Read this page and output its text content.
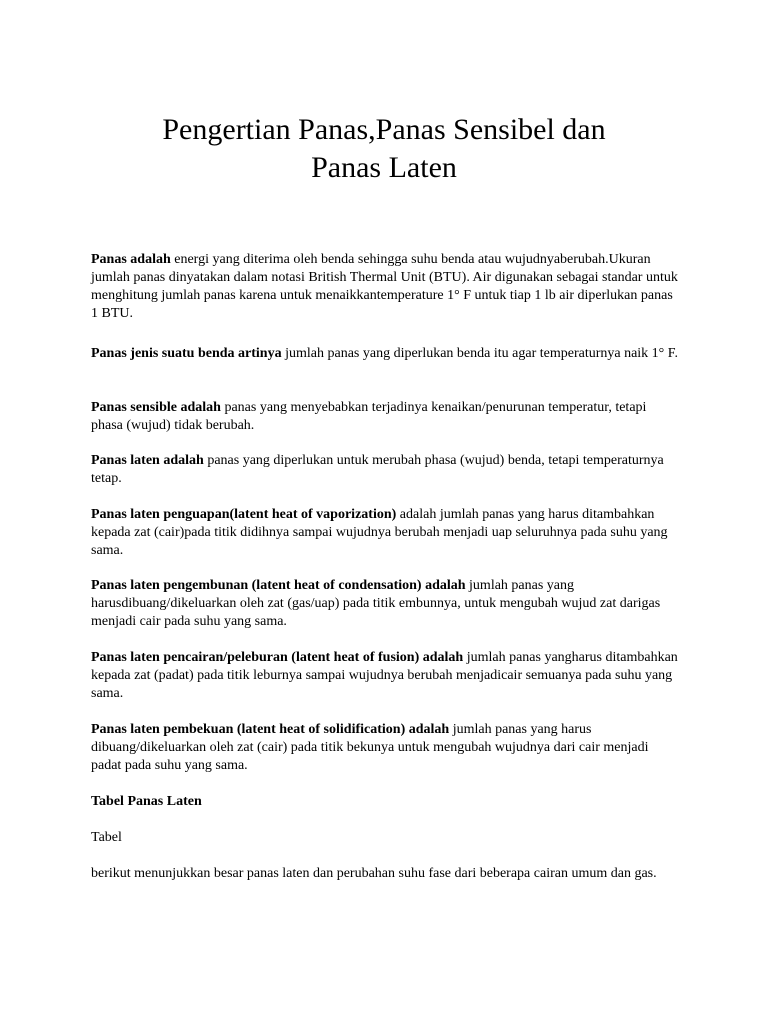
Pengertian Panas,Panas Sensibel dan
Panas Laten

Panas adalah energi yang diterima oleh benda sehingga suhu benda atau wujudnyaberubah.Ukuran jumlah panas dinyatakan dalam notasi British Thermal Unit (BTU). Air digunakan sebagai standar untuk menghitung jumlah panas karena untuk menaikkantemperature 1° F untuk tiap 1 lb air diperlukan panas 1 BTU.

Panas jenis suatu benda artinya jumlah panas yang diperlukan benda itu agar temperaturnya naik 1° F.

Panas sensible adalah panas yang menyebabkan terjadinya kenaikan/penurunan temperatur, tetapi phasa (wujud) tidak berubah.

Panas laten adalah panas yang diperlukan untuk merubah phasa (wujud) benda, tetapi temperaturnya tetap.

Panas laten penguapan(latent heat of vaporization) adalah jumlah panas yang harus ditambahkan kepada zat (cair)pada titik didihnya sampai wujudnya berubah menjadi uap seluruhnya pada suhu yang sama.

Panas laten pengembunan (latent heat of condensation) adalah jumlah panas yang harusdibuang/dikeluarkan oleh zat (gas/uap) pada titik embunnya, untuk mengubah wujud zat darigas menjadi cair pada suhu yang sama.

Panas laten pencairan/peleburan (latent heat of fusion) adalah jumlah panas yangharus ditambahkan kepada zat (padat) pada titik leburnya sampai wujudnya berubah menjadicair semuanya pada suhu yang sama.

Panas laten pembekuan (latent heat of solidification) adalah jumlah panas yang harus dibuang/dikeluarkan oleh zat (cair) pada titik bekunya untuk mengubah wujudnya dari cair menjadi padat pada suhu yang sama.

Tabel Panas Laten

Tabel

berikut menunjukkan besar panas laten dan perubahan suhu fase dari beberapa cairan umum dan gas.
